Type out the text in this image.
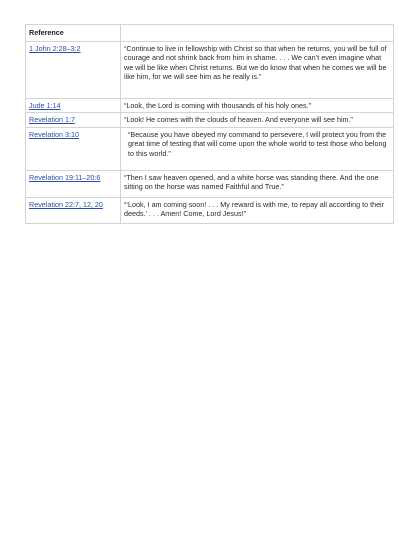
Reference	
1 John 2:28–3:2	“Continue to live in fellowship with Christ so that when he returns, you will be full of courage and not shrink back from him in shame. . . . We can’t even imagine what we will be like when Christ returns. But we do know that when he comes we will be like him, for we will see him as he really is.”
Jude 1:14	“Look, the Lord is coming with thousands of his holy ones.”
Revelation 1:7	“Look! He comes with the clouds of heaven. And everyone will see him.”
Revelation 3:10	“Because you have obeyed my command to persevere, I will protect you from the great time of testing that will come upon the whole world to test those who belong to this world.”

Revelation 19:11–20:6	“Then I saw heaven opened, and a white horse was standing there. And the one sitting on the horse was named Faithful and True.”
Revelation 22:7, 12, 20	“‘Look, I am coming soon! . . . My reward is with me, to repay all according to their deeds.’ . . . Amen! Come, Lord Jesus!”
